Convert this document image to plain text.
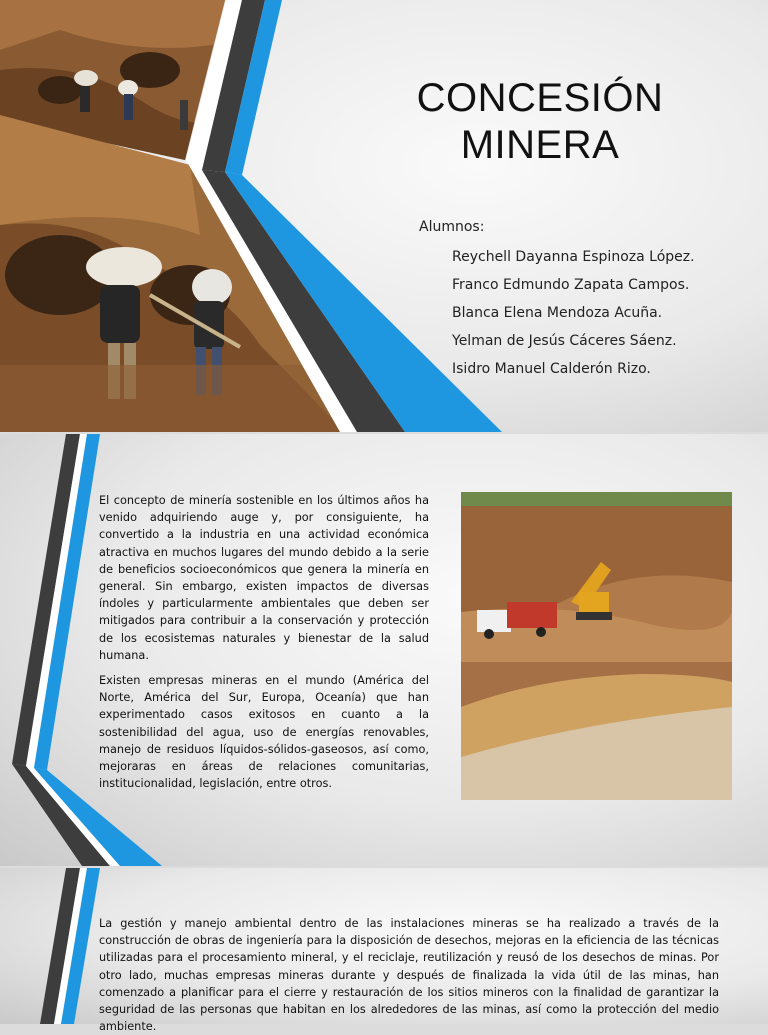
CONCESIÓN MINERA
Alumnos:
Reychell Dayanna Espinoza López.
Franco Edmundo Zapata Campos.
Blanca Elena Mendoza Acuña.
Yelman de Jesús Cáceres Sáenz.
Isidro Manuel Calderón Rizo.

El concepto de minería sostenible en los últimos años ha venido adquiriendo auge y, por consiguiente, ha convertido a la industria en una actividad económica atractiva en muchos lugares del mundo debido a la serie de beneficios socioeconómicos que genera la minería en general. Sin embargo, existen impactos de diversas índoles y particularmente ambientales que deben ser mitigados para contribuir a la conservación y protección de los ecosistemas naturales y bienestar de la salud humana.

Existen empresas mineras en el mundo (América del Norte, América del Sur, Europa, Oceanía) que han experimentado casos exitosos en cuanto a la sostenibilidad del agua, uso de energías renovables, manejo de residuos líquidos-sólidos-gaseosos, así como, mejoraras en áreas de relaciones comunitarias, institucionalidad, legislación, entre otros.

La gestión y manejo ambiental dentro de las instalaciones mineras se ha realizado a través de la construcción de obras de ingeniería para la disposición de desechos, mejoras en la eficiencia de las técnicas utilizadas para el procesamiento mineral, y el reciclaje, reutilización y reusó de los desechos de minas. Por otro lado, muchas empresas mineras durante y después de finalizada la vida útil de las minas, han comenzado a planificar para el cierre y restauración de los sitios mineros con la finalidad de garantizar la seguridad de las personas que habitan en los alrededores de las minas, así como la protección del medio ambiente.
